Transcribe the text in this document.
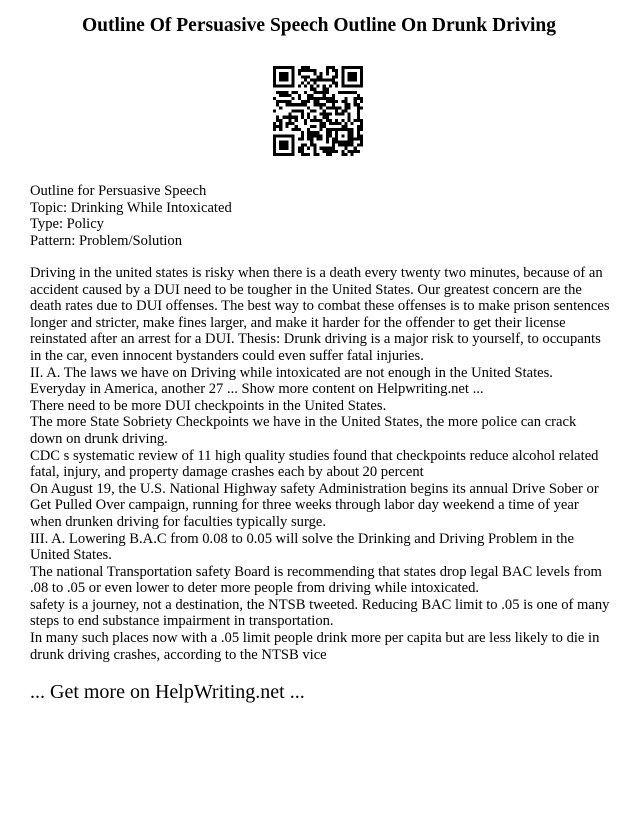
Outline Of Persuasive Speech Outline On Drunk Driving
Outline for Persuasive Speech
Topic: Drinking While Intoxicated
Type: Policy
Pattern: Problem/Solution

Driving in the united states is risky when there is a death every twenty two minutes, because of an accident caused by a DUI need to be tougher in the United States. Our greatest concern are the death rates due to DUI offenses. The best way to combat these offenses is to make prison sentences longer and stricter, make fines larger, and make it harder for the offender to get their license reinstated after an arrest for a DUI. Thesis: Drunk driving is a major risk to yourself, to occupants in the car, even innocent bystanders could even suffer fatal injuries.

II. A. The laws we have on Driving while intoxicated are not enough in the United States.

Everyday in America, another 27 ... Show more content on Helpwriting.net ...

There need to be more DUI checkpoints in the United States.

The more State Sobriety Checkpoints we have in the United States, the more police can crack down on drunk driving.

CDC s systematic review of 11 high quality studies found that checkpoints reduce alcohol related fatal, injury, and property damage crashes each by about 20 percent

On August 19, the U.S. National Highway safety Administration begins its annual Drive Sober or Get Pulled Over campaign, running for three weeks through labor day weekend a time of year when drunken driving for faculties typically surge.

III. A. Lowering B.A.C from 0.08 to 0.05 will solve the Drinking and Driving Problem in the United States.

The national Transportation safety Board is recommending that states drop legal BAC levels from .08 to .05 or even lower to deter more people from driving while intoxicated.

safety is a journey, not a destination, the NTSB tweeted. Reducing BAC limit to .05 is one of many steps to end substance impairment in transportation.

In many such places now with a .05 limit people drink more per capita but are less likely to die in drunk driving crashes, according to the NTSB vice

... Get more on HelpWriting.net ...
